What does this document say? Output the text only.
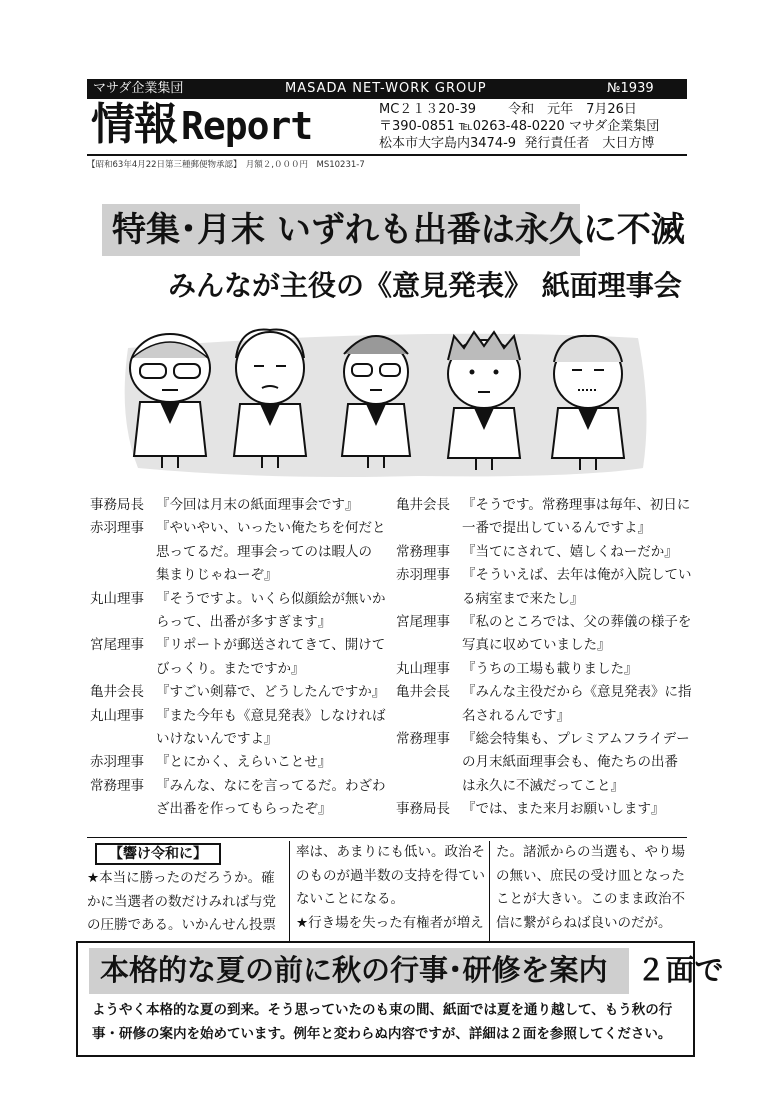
マサダ企業集団	MASADA NET-WORK GROUP	№1939
情報 Report	MC２１３20-39 令和　元年　7月26日
〒390-0851 ℡0263-48-0220 マサダ企業集団
松本市大字島内3474-9 発行責任者　大日方博
【昭和63年4月22日第三種郵便物承認】　月額２,０００円　MS10231-7
特集･月末 いずれも出番は永久に不滅
みんなが主役の《意見発表》 紙面理事会
事務局長 『今回は月末の紙面理事会です』
赤羽理事 『やいやい、いったい俺たちを何だと
思ってるだ。理事会ってのは暇人の
集まりじゃねーぞ』
丸山理事 『そうですよ。いくら似顔絵が無いか
らって、出番が多すぎます』
宮尾理事 『リポートが郵送されてきて、開けて
びっくり。またですか』
亀井会長 『すごい剣幕で、どうしたんですか』
丸山理事 『また今年も《意見発表》しなければ
いけないんですよ』
赤羽理事 『とにかく、えらいことせ』
常務理事 『みんな、なにを言ってるだ。わざわ
ざ出番を作ってもらったぞ』
亀井会長 『そうです。常務理事は毎年、初日に
一番で提出しているんですよ』
常務理事 『当てにされて、嬉しくねーだか』
赤羽理事 『そういえば、去年は俺が入院してい
る病室まで来たし』
宮尾理事 『私のところでは、父の葬儀の様子を
写真に収めていました』
丸山理事 『うちの工場も載りました』
亀井会長 『みんな主役だから《意見発表》に指
名されるんです』
常務理事 『総会特集も、プレミアムフライデー
の月末紙面理事会も、俺たちの出番
は永久に不滅だってこと』
事務局長 『では、また来月お願いします』
【響け令和に】
★本当に勝ったのだろうか。確
かに当選者の数だけみれば与党
の圧勝である。いかんせん投票
率は、あまりにも低い。政治そ
のものが過半数の支持を得てい
ないことになる。
★行き場を失った有権者が増え
た。諸派からの当選も、やり場
の無い、庶民の受け皿となった
ことが大きい。このまま政治不
信に繋がらねば良いのだが。
本格的な夏の前に秋の行事･研修を案内　２面で
ようやく本格的な夏の到来。そう思っていたのも束の間、紙面では夏を通り越して、もう秋の行
事・研修の案内を始めています。例年と変わらぬ内容ですが、詳細は２面を参照してください。
